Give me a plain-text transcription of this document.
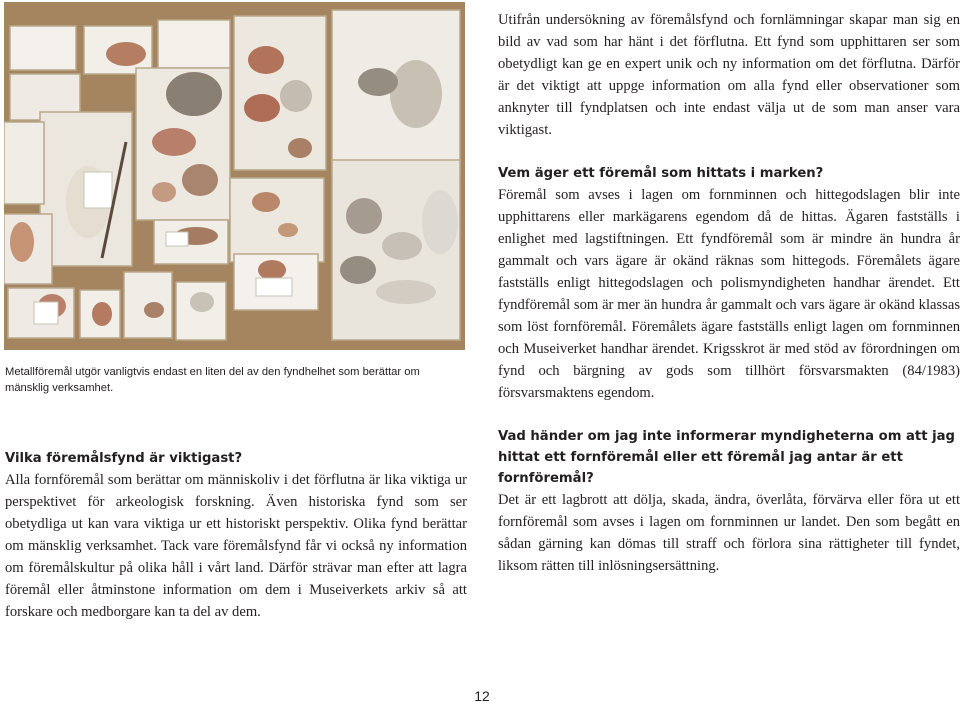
Metallföremål utgör vanligtvis endast en liten del av den fyndhelhet som berättar om mänsklig verksamhet.

Vilka föremålsfynd är viktigast?

Alla fornföremål som berättar om människoliv i det förflutna är lika viktiga ur perspektivet för arkeologisk forskning. Även historiska fynd som ser obetydliga ut kan vara viktiga ur ett historiskt perspektiv. Olika fynd berättar om mänsklig verksamhet. Tack vare föremålsfynd får vi också ny information om föremålskultur på olika håll i vårt land. Därför strävar man efter att lagra föremål eller åtminstone information om dem i Museiverkets arkiv så att forskare och medborgare kan ta del av dem.

Utifrån undersökning av föremålsfynd och fornlämningar skapar man sig en bild av vad som har hänt i det förflutna. Ett fynd som upphittaren ser som obetydligt kan ge en expert unik och ny information om det förflutna. Därför är det viktigt att uppge information om alla fynd eller observationer som anknyter till fyndplatsen och inte endast välja ut de som man anser vara viktigast.

Vem äger ett föremål som hittats i marken?

Föremål som avses i lagen om fornminnen och hittegodslagen blir inte upphittarens eller markägarens egendom då de hittas. Ägaren fastställs i enlighet med lagstiftningen. Ett fyndföremål som är mindre än hundra år gammalt och vars ägare är okänd räknas som hittegods. Föremålets ägare fastställs enligt hittegodslagen och polismyndigheten handhar ärendet. Ett fyndföremål som är mer än hundra år gammalt och vars ägare är okänd klassas som löst fornföremål. Föremålets ägare fastställs enligt lagen om fornminnen och Museiverket handhar ärendet. Krigsskrot är med stöd av förordningen om fynd och bärgning av gods som tillhört försvarsmakten (84/1983) försvarsmaktens egendom.

Vad händer om jag inte informerar myndigheterna om att jag hittat ett fornföremål eller ett föremål jag antar är ett fornföremål?

Det är ett lagbrott att dölja, skada, ändra, överlåta, förvärva eller föra ut ett fornföremål som avses i lagen om fornminnen ur landet. Den som begått en sådan gärning kan dömas till straff och förlora sina rättigheter till fyndet, liksom rätten till inlösningsersättning.

12
